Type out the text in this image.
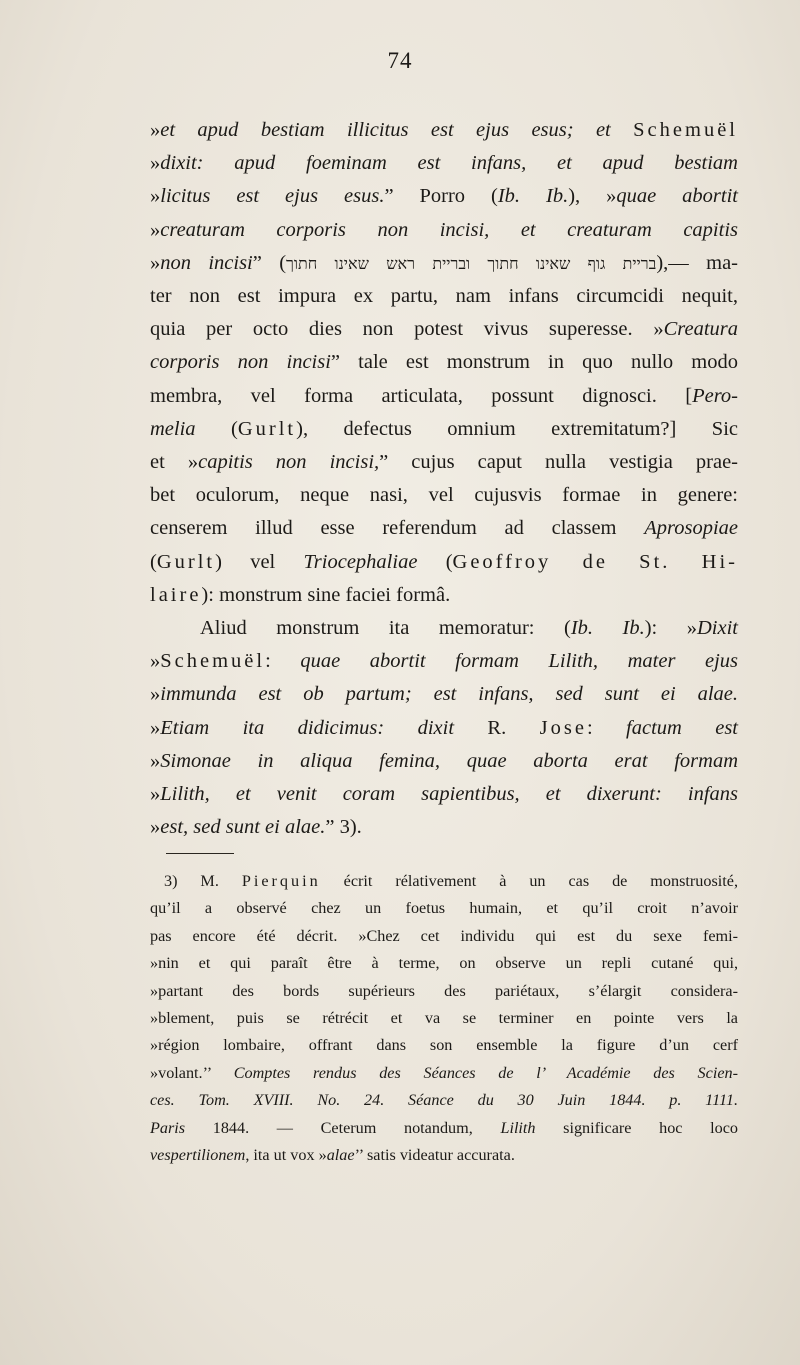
74
»et apud bestiam illicitus est ejus esus; et Schemuël
»dixit: apud foeminam est infans, et apud bestiam
»licitus est ejus esus.” Porro (Ib. Ib.), »quae abortit
»creaturam corporis non incisi, et creaturam capitis
»non incisi” (בריית גוף שאינו חתוך ובריית ראש שאינו חתוך),— ma-
ter non est impura ex partu, nam infans circumcidi nequit,
quia per octo dies non potest vivus superesse. »Creatura
corporis non incisi” tale est monstrum in quo nullo modo
membra, vel forma articulata, possunt dignosci. [Pero-
melia (Gurlt), defectus omnium extremitatum?] Sic
et »capitis non incisi,” cujus caput nulla vestigia prae-
bet oculorum, neque nasi, vel cujusvis formae in genere:
censerem illud esse referendum ad classem Aprosopiae
(Gurlt) vel Triocephaliae (Geoffroy de St. Hi-
laire): monstrum sine faciei formâ.
Aliud monstrum ita memoratur: (Ib. Ib.): »Dixit
»Schemuël: quae abortit formam Lilith, mater ejus
»immunda est ob partum; est infans, sed sunt ei alae.
»Etiam ita didicimus: dixit R. Jose: factum est
»Simonae in aliqua femina, quae aborta erat formam
»Lilith, et venit coram sapientibus, et dixerunt: infans
»est, sed sunt ei alae.” 3).
3) M. Pierquin écrit rélativement à un cas de monstruosité,
qu’il a observé chez un foetus humain, et qu’il croit n’avoir
pas encore été décrit. »Chez cet individu qui est du sexe femi-
»nin et qui paraît être à terme, on observe un repli cutané qui,
»partant des bords supérieurs des pariétaux, s’élargit considera-
»blement, puis se rétrécit et va se terminer en pointe vers la
»région lombaire, offrant dans son ensemble la figure d’un cerf
»volant.’’ Comptes rendus des Séances de l’ Académie des Scien-
ces. Tom. XVIII. No. 24. Séance du 30 Juin 1844. p. 1111.
Paris 1844. — Ceterum notandum, Lilith significare hoc loco
vespertilionem, ita ut vox »alae’’ satis videatur accurata.
